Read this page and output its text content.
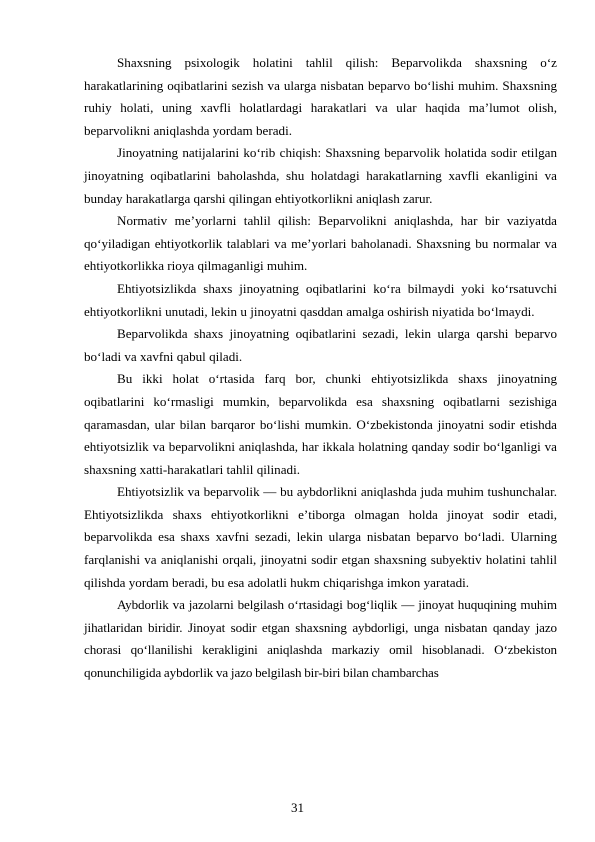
Shaxsning psixologik holatini tahlil qilish: Beparvolikda shaxsning oʻz harakatlarining oqibatlarini sezish va ularga nisbatan beparvo boʻlishi muhim. Shaxsning ruhiy holati, uning xavfli holatlardagi harakatlari va ular haqida maʼlumot olish, beparvolikni aniqlashda yordam beradi.

Jinoyatning natijalarini koʻrib chiqish: Shaxsning beparvolik holatida sodir etilgan jinoyatning oqibatlarini baholashda, shu holatdagi harakatlarning xavfli ekanligini va bunday harakatlarga qarshi qilingan ehtiyotkorlikni aniqlash zarur.

Normativ meʼyorlarni tahlil qilish: Beparvolikni aniqlashda, har bir vaziyatda qoʻyiladigan ehtiyotkorlik talablari va meʼyorlari baholanadi. Shaxsning bu normalar va ehtiyotkorlikka rioya qilmaganligi muhim.

Ehtiyotsizlikda shaxs jinoyatning oqibatlarini koʻra bilmaydi yoki koʻrsatuvchi ehtiyotkorlikni unutadi, lekin u jinoyatni qasddan amalga oshirish niyatida boʻlmaydi.

Beparvolikda shaxs jinoyatning oqibatlarini sezadi, lekin ularga qarshi beparvo boʻladi va xavfni qabul qiladi.

Bu ikki holat oʻrtasida farq bor, chunki ehtiyotsizlikda shaxs jinoyatning oqibatlarini koʻrmasligi mumkin, beparvolikda esa shaxsning oqibatlarni sezishiga qaramasdan, ular bilan barqaror boʻlishi mumkin. Oʻzbekistonda jinoyatni sodir etishda ehtiyotsizlik va beparvolikni aniqlashda, har ikkala holatning qanday sodir boʻlganligi va shaxsning xatti-harakatlari tahlil qilinadi.

Ehtiyotsizlik va beparvolik — bu aybdorlikni aniqlashda juda muhim tushunchalar. Ehtiyotsizlikda shaxs ehtiyotkorlikni eʼtiborga olmagan holda jinoyat sodir etadi, beparvolikda esa shaxs xavfni sezadi, lekin ularga nisbatan beparvo boʻladi. Ularning farqlanishi va aniqlanishi orqali, jinoyatni sodir etgan shaxsning subyektiv holatini tahlil qilishda yordam beradi, bu esa adolatli hukm chiqarishga imkon yaratadi.

Aybdorlik va jazolarni belgilash oʻrtasidagi bogʻliqlik — jinoyat huquqining muhim jihatlaridan biridir. Jinoyat sodir etgan shaxsning aybdorligi, unga nisbatan qanday jazo chorasi qoʻllanilishi kerakligini aniqlashda markaziy omil hisoblanadi. Oʻzbekiston qonunchiligida aybdorlik va jazo belgilash bir-biri bilan chambarchas

31
